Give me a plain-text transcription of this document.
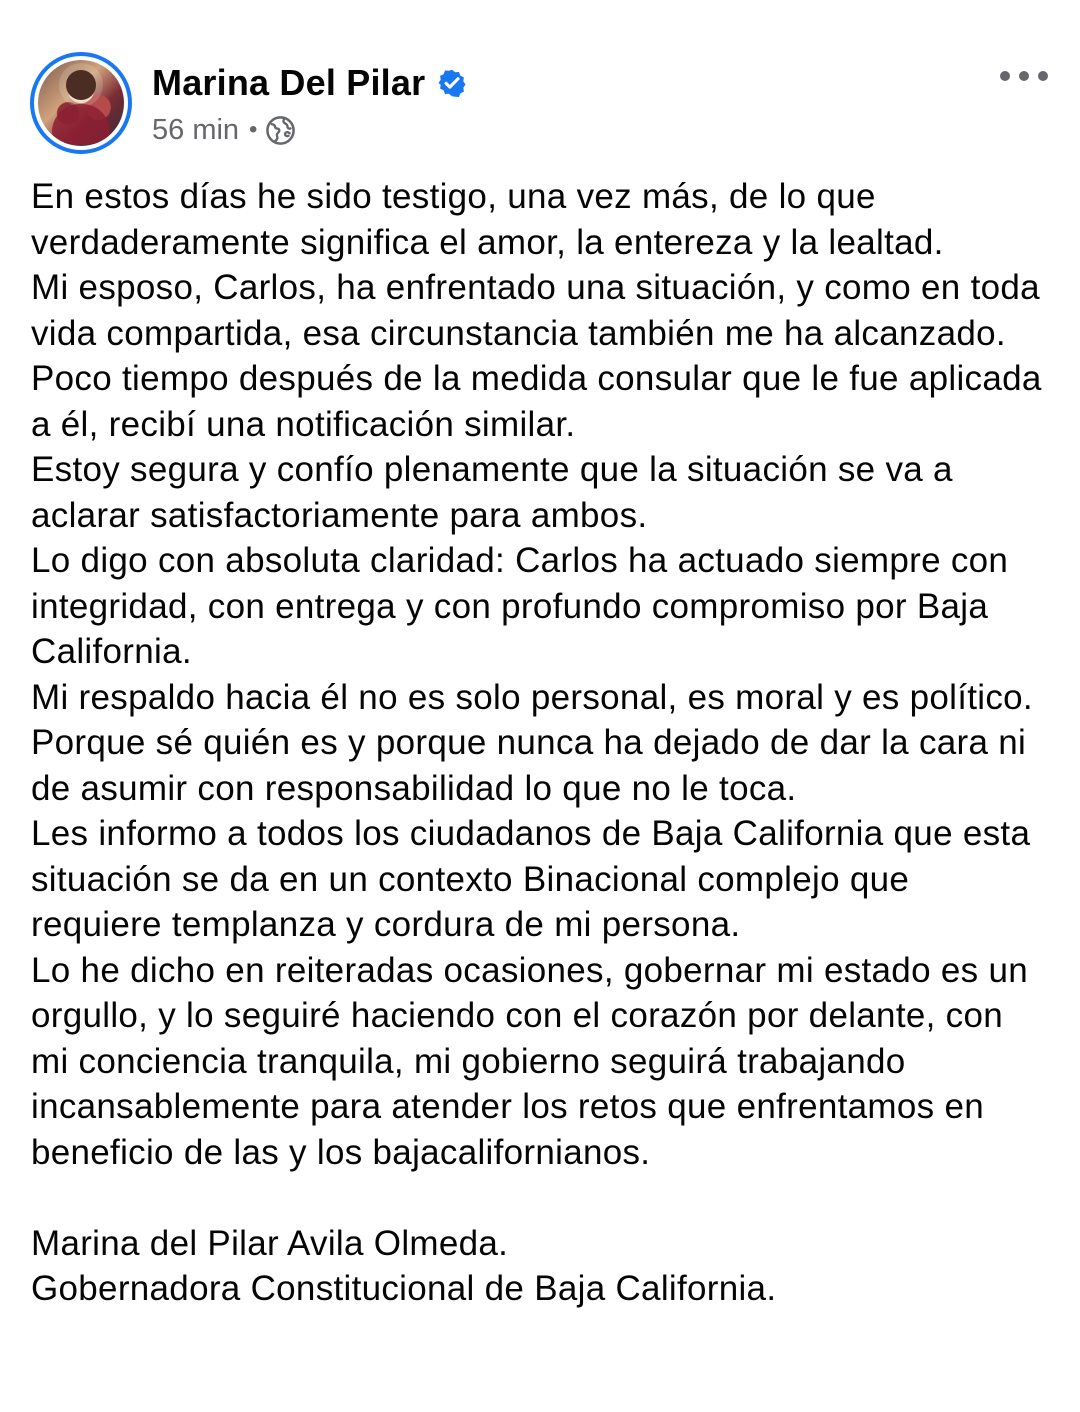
Marina Del Pilar
56 min •

En estos días he sido testigo, una vez más, de lo que verdaderamente significa el amor, la entereza y la lealtad.

Mi esposo, Carlos, ha enfrentado una situación, y como en toda vida compartida, esa circunstancia también me ha alcanzado.

Poco tiempo después de la medida consular que le fue aplicada a él, recibí una notificación similar.

Estoy segura y confío plenamente que la situación se va a aclarar satisfactoriamente para ambos.

Lo digo con absoluta claridad: Carlos ha actuado siempre con integridad, con entrega y con profundo compromiso por Baja California.

Mi respaldo hacia él no es solo personal, es moral y es político. Porque sé quién es y porque nunca ha dejado de dar la cara ni de asumir con responsabilidad lo que no le toca.

Les informo a todos los ciudadanos de Baja California que esta situación se da en un contexto Binacional complejo que requiere templanza y cordura de mi persona.

Lo he dicho en reiteradas ocasiones, gobernar mi estado es un orgullo, y lo seguiré haciendo con el corazón por delante, con mi conciencia tranquila, mi gobierno seguirá trabajando incansablemente para atender los retos que enfrentamos en beneficio de las y los bajacalifornianos.

Marina del Pilar Avila Olmeda.

Gobernadora Constitucional de Baja California.
